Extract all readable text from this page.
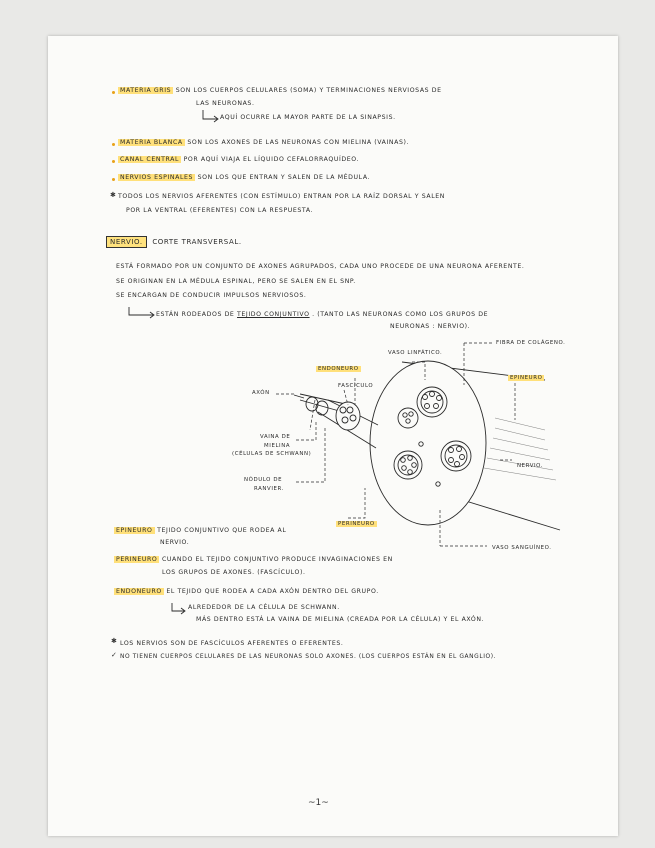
MATERIA GRIS SON LOS CUERPOS CELULARES (SOMA) Y TERMINACIONES NERVIOSAS DE
LAS NEURONAS.
AQUÍ OCURRE LA MAYOR PARTE DE LA SINAPSIS.
MATERIA BLANCA SON LOS AXONES DE LAS NEURONAS CON MIELINA (VAINAS).
CANAL CENTRAL POR AQUÍ VIAJA EL LÍQUIDO CEFALORRAQUÍDEO.
NERVIOS ESPINALES SON LOS QUE ENTRAN Y SALEN DE LA MÉDULA.
✱ TODOS LOS NERVIOS AFERENTES (CON ESTÍMULO) ENTRAN POR LA RAÍZ DORSAL Y SALEN
POR LA VENTRAL (EFERENTES) CON LA RESPUESTA.
NERVIO. CORTE TRANSVERSAL.
ESTÁ FORMADO POR UN CONJUNTO DE AXONES AGRUPADOS, CADA UNO PROCEDE DE UNA NEURONA AFERENTE.
SE ORIGINAN EN LA MÉDULA ESPINAL, PERO SE SALEN EN EL SNP.
SE ENCARGAN DE CONDUCIR IMPULSOS NERVIOSOS.
ESTÁN RODEADOS DE TEJIDO CONJUNTIVO . (TANTO LAS NEURONAS COMO LOS GRUPOS DE
NEURONAS : NERVIO).
FIBRA DE COLÁGENO.
VASO LINFÁTICO.
ENDONEURO
FASCÍCULO
EPINEURO
AXÓN
VAINA DE
MIELINA
(CÉLULAS DE SCHWANN)
NÓDULO DE
RANVIER.
NERVIO.
PERINEURO
VASO SANGUÍNEO.
EPINEURO TEJIDO CONJUNTIVO QUE RODEA AL
NERVIO.
PERINEURO CUANDO EL TEJIDO CONJUNTIVO PRODUCE INVAGINACIONES EN
LOS GRUPOS DE AXONES. (FASCÍCULO).
ENDONEURO EL TEJIDO QUE RODEA A CADA AXÓN DENTRO DEL GRUPO.
ALREDEDOR DE LA CÉLULA DE SCHWANN.
MÁS DENTRO ESTÁ LA VAINA DE MIELINA (CREADA POR LA CÉLULA) Y EL AXÓN.
✱ LOS NERVIOS SON DE FASCÍCULOS AFERENTES O EFERENTES.
✓ NO TIENEN CUERPOS CELULARES DE LAS NEURONAS SOLO AXONES. (LOS CUERPOS ESTÁN EN EL GANGLIO).
~1~
